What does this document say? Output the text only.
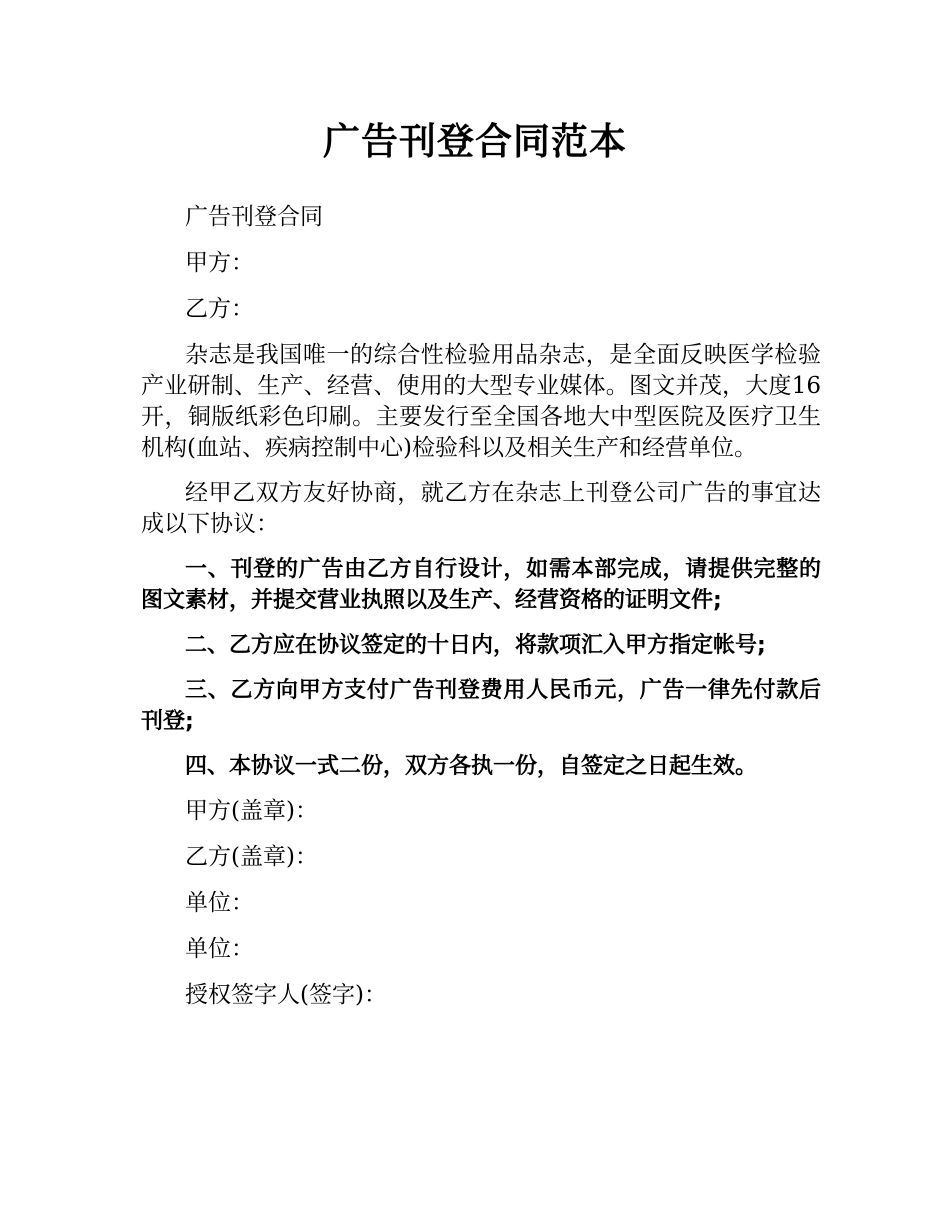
广告刊登合同范本

广告刊登合同

甲方：

乙方：

杂志是我国唯一的综合性检验用品杂志，是全面反映医学检验产业研制、生产、经营、使用的大型专业媒体。图文并茂，大度16开，铜版纸彩色印刷。主要发行至全国各地大中型医院及医疗卫生机构(血站、疾病控制中心)检验科以及相关生产和经营单位。

经甲乙双方友好协商，就乙方在杂志上刊登公司广告的事宜达成以下协议：

一、刊登的广告由乙方自行设计，如需本部完成，请提供完整的图文素材，并提交营业执照以及生产、经营资格的证明文件;

二、乙方应在协议签定的十日内，将款项汇入甲方指定帐号;

三、乙方向甲方支付广告刊登费用人民币元，广告一律先付款后刊登;

四、本协议一式二份，双方各执一份，自签定之日起生效。

甲方(盖章)：

乙方(盖章)：

单位：

单位：

授权签字人(签字)：
